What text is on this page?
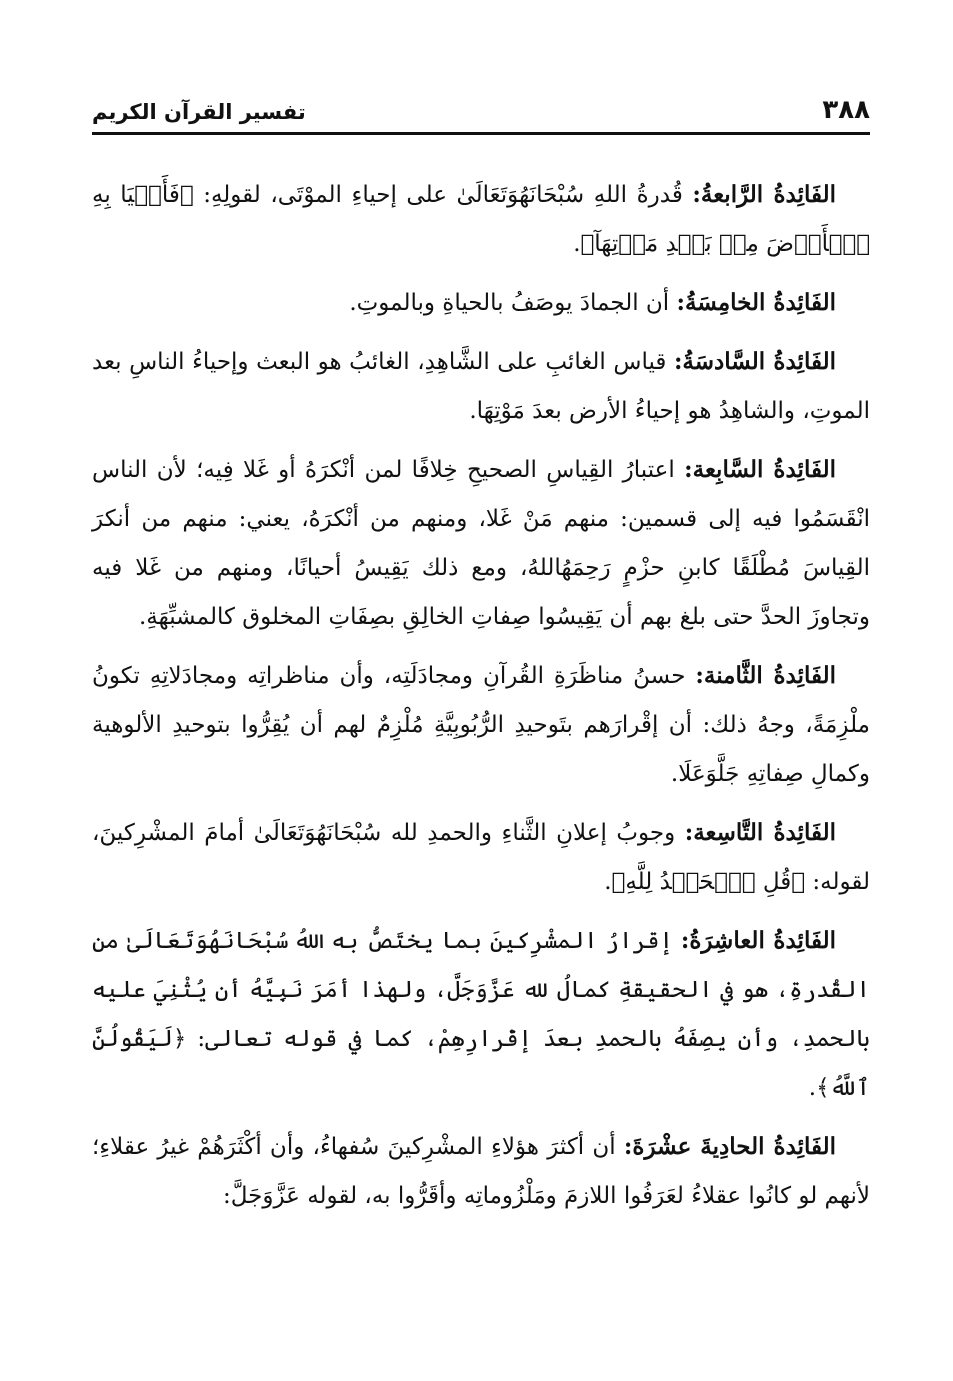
٣٨٨
تفسير القرآن الكريم

الفَائِدةُ الرَّابعةُ: قُدرةُ اللهِ سُبْحَانَهُوَتَعَالَىٰ على إحياءِ الموْتَى، لقولِهِ: ﴿فَأَحۡيَا بِهِ ٱلۡأَرۡضَ مِنۢ بَعۡدِ مَوۡتِهَآ﴾.

الفَائِدةُ الخامِسَةُ: أن الجمادَ يوصَفُ بالحياةِ وبالموتِ.

الفَائِدةُ السَّادسَةُ: قياس الغائبِ على الشَّاهِدِ، الغائبُ هو البعث وإحياءُ الناسِ بعد الموتِ، والشاهِدُ هو إحياءُ الأرض بعدَ مَوْتِهَا.

الفَائِدةُ السَّابِعة: اعتبارُ القِياسِ الصحيحِ خِلافًا لمن أنْكرَهُ أو غَلا فِيه؛ لأن الناس انْقَسَمُوا فيه إلى قسمين: منهم مَنْ غَلا، ومنهم من أنْكرَهُ، يعني: منهم من أنكرَ القِياسَ مُطْلَقًا كابنِ حزْمٍ رَحِمَهُاللهُ، ومع ذلك يَقِيسُ أحيانًا، ومنهم من غَلا فيه وتجاوزَ الحدَّ حتى بلغ بهم أن يَقِيسُوا صِفاتِ الخالِقِ بصِفَاتِ المخلوق كالمشبِّهَةِ.

الفَائِدةُ الثَّامنة: حسنُ مناظَرَةِ القُرآنِ ومجادَلَتِه، وأن مناظراتِه ومجادَلاتِهِ تكونُ ملْزِمَةً، وجهُ ذلك: أن إقْرارَهم بتَوحيدِ الرُّبُوبِيَّةِ مُلْزِمٌ لهم أن يُقِرُّوا بتوحيدِ الألوهية وكمالِ صِفاتِهِ جَلَّوَعَلَا.

الفَائِدةُ التَّاسِعة: وجوبُ إعلانِ الثَّناءِ والحمدِ لله سُبْحَانَهُوَتَعَالَىٰ أمامَ المشْرِكينَ، لقوله: ﴿قُلِ ٱلۡحَمۡدُ لِلَّهِ﴾.

الفَائِدةُ العاشِرَةُ: إقرارُ المشْرِكينَ بما يختَصُّ به اللهُ سُبْحَانَهُوَتَعَالَىٰ من القُدرةِ، هو في الحقيقةِ كمالُ لله عَزَّوَجَلَّ، ولهذا أمَرَ نَبِيَّهُ أن يُثْنِيَ عليه بالحمدِ، وأن يصِفَهُ بالحمدِ بعدَ إقْرارِهِمْ، كما في قوله تعالى: ﴿لَيَقُولُنَّ ٱللَّهُ﴾.

الفَائِدةُ الحادِيةَ عشْرَةَ: أن أكثرَ هؤلاءِ المشْرِكينَ سُفهاءُ، وأن أكْثَرَهُمْ غيرُ عقلاءِ؛ لأنهم لو كانُوا عقلاءُ لعَرَفُوا اللازمَ ومَلْزُوماتِه وأقَرُّوا به، لقوله عَزَّوَجَلَّ:
